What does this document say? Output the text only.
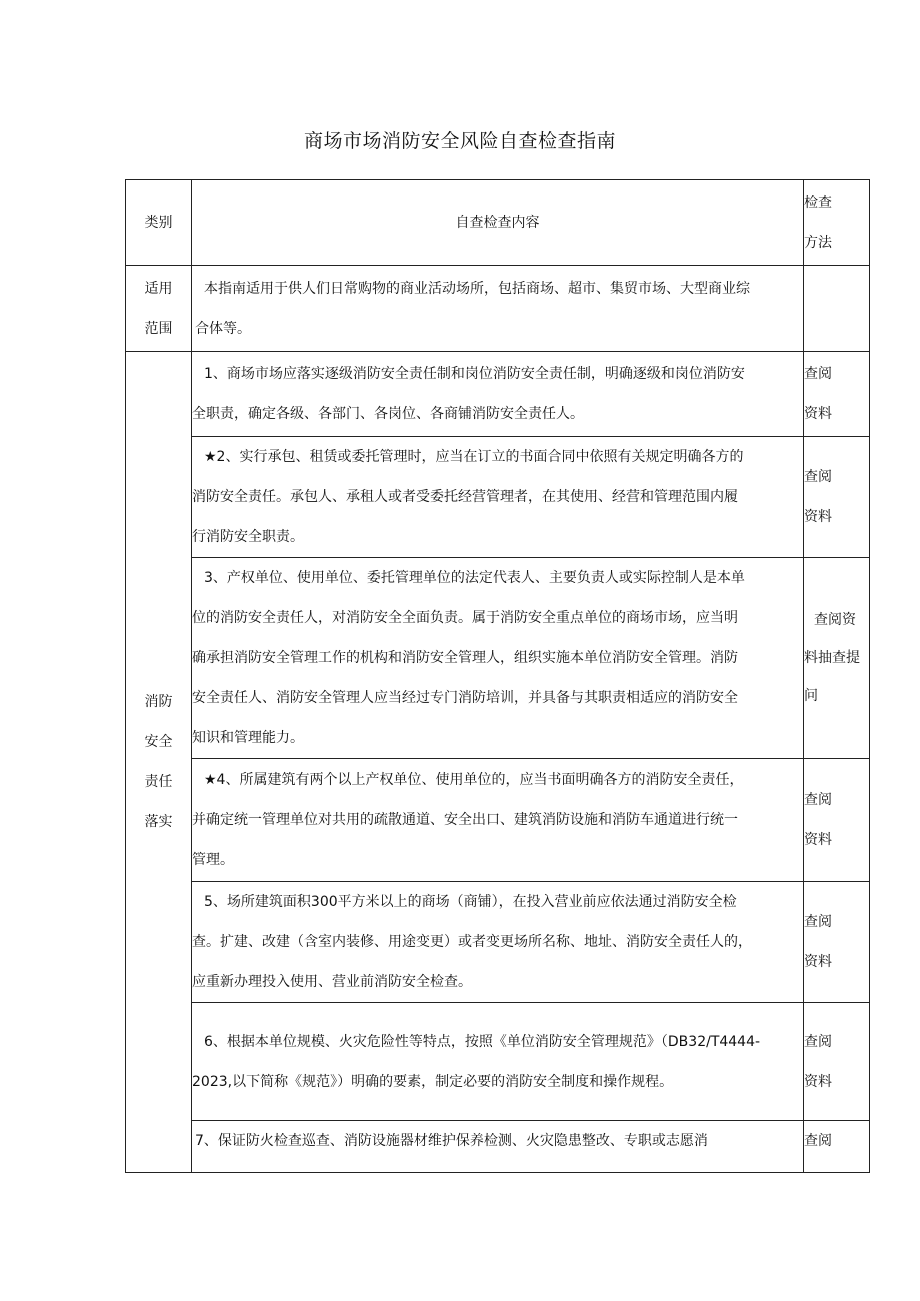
商场市场消防安全风险自查检查指南
类别	自查检查内容	检查
方法

适用
范围	本指南适用于供人们日常购物的商业活动场所，包括商场、超市、集贸市场、大型商业综
合体等。	

消防
安全
责任
落实	1、商场市场应落实逐级消防安全责任制和岗位消防安全责任制，明确逐级和岗位消防安
全职责，确定各级、各部门、各岗位、各商铺消防安全责任人。	查阅
资料

	★2、实行承包、租赁或委托管理时，应当在订立的书面合同中依照有关规定明确各方的
消防安全责任。承包人、承租人或者受委托经营管理者，在其使用、经营和管理范围内履
行消防安全职责。	查阅
资料

	3、产权单位、使用单位、委托管理单位的法定代表人、主要负责人或实际控制人是本单
位的消防安全责任人，对消防安全全面负责。属于消防安全重点单位的商场市场，应当明
确承担消防安全管理工作的机构和消防安全管理人，组织实施本单位消防安全管理。消防
安全责任人、消防安全管理人应当经过专门消防培训，并具备与其职责相适应的消防安全
知识和管理能力。	查阅资
料抽查提
问

	★4、所属建筑有两个以上产权单位、使用单位的，应当书面明确各方的消防安全责任，
并确定统一管理单位对共用的疏散通道、安全出口、建筑消防设施和消防车通道进行统一
管理。	查阅
资料

	5、场所建筑面积300平方米以上的商场（商铺），在投入营业前应依法通过消防安全检
查。扩建、改建（含室内装修、用途变更）或者变更场所名称、地址、消防安全责任人的，
应重新办理投入使用、营业前消防安全检查。	查阅
资料

	6、根据本单位规模、火灾危险性等特点，按照《单位消防安全管理规范》（DB32/T4444-
2023,以下简称《规范》）明确的要素，制定必要的消防安全制度和操作规程。	查阅
资料

	7、保证防火检查巡查、消防设施器材维护保养检测、火灾隐患整改、专职或志愿消	查阅
